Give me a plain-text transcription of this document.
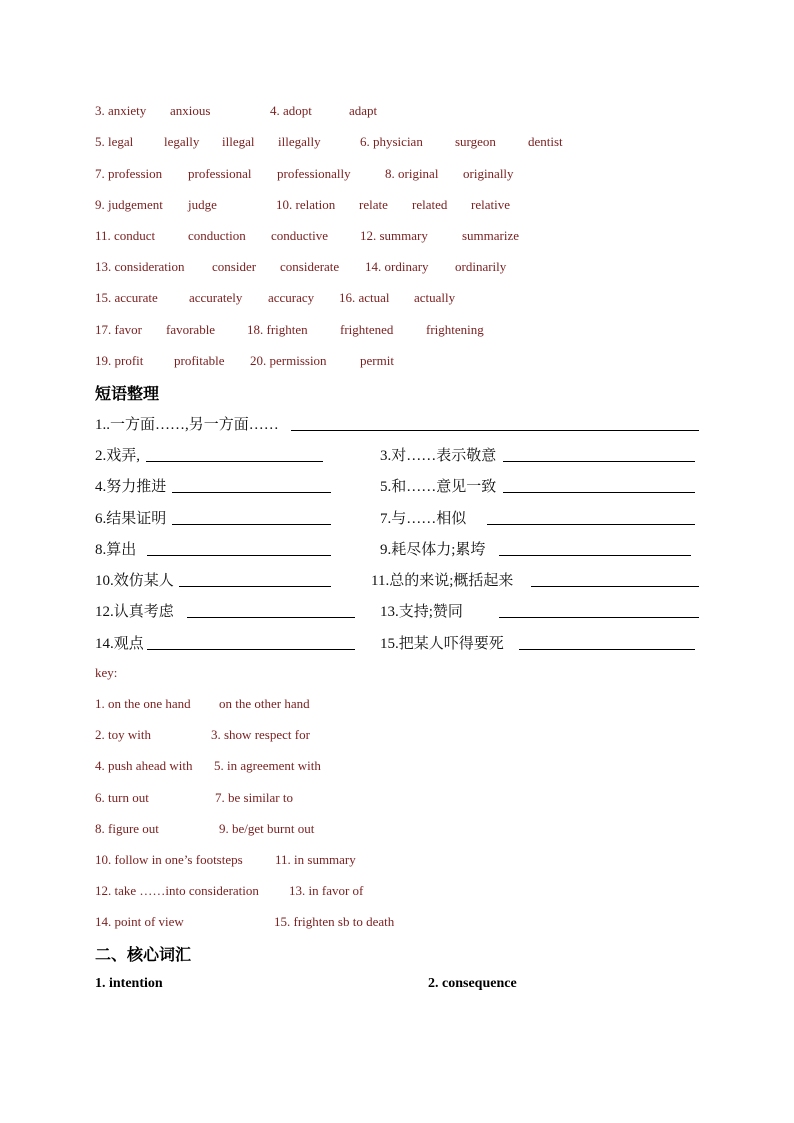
3. anxiety anxious	4. adopt	adapt
5. legal legally illegal illegally	6. physician surgeon dentist
7. profession professional professionally	8. original originally
9. judgement judge	10. relation relate related relative
11. conduct	conduction conductive 12. summary	summarize
13. consideration consider considerate 14. ordinary ordinarily
15. accurate accurately accuracy 16. actual actually
17. favor favorable 18. frighten frightened	frightening
19. profit profitable 20. permission	permit
短语整理
1..一方面……,另一方面……
2.戏弄,	3.对……表示敬意
4.努力推进	5.和……意见一致
6.结果证明	7.与……相似
8.算出	9.耗尽体力;累垮
10.效仿某人	11.总的来说;概括起来
12.认真考虑	13.支持;赞同
14.观点	15.把某人吓得要死
key:
1. on the one hand on the other hand
2. toy with	3. show respect for
4. push ahead with 5. in agreement with
6. turn out	7. be similar to
8. figure out	9. be/get burnt out
10. follow in one’s footsteps 11. in summary
12. take ……into consideration 13. in favor of
14. point of view	15. frighten sb to death
二、核心词汇
1. intention	2. consequence
